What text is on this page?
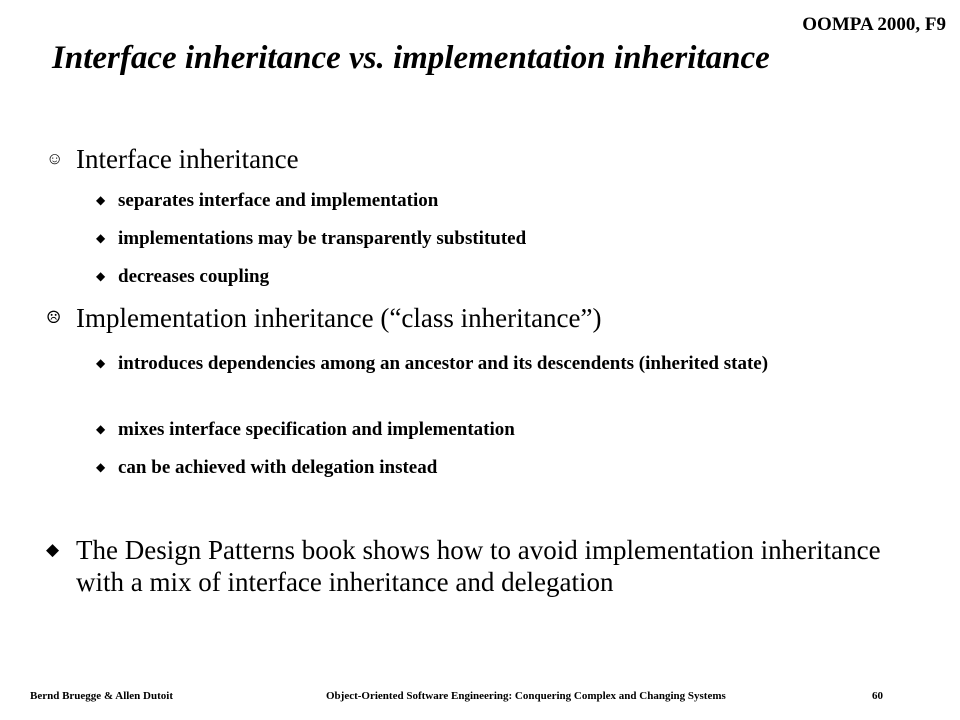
OOMPA 2000, F9
Interface inheritance vs. implementation inheritance
☺ Interface inheritance
◆ separates interface and implementation
◆ implementations may be transparently substituted
◆ decreases coupling
☹ Implementation inheritance (“class inheritance”)
◆ introduces dependencies among an ancestor and its descendents (inherited state)
◆ mixes interface specification and implementation
◆ can be achieved with delegation instead
◆ The Design Patterns book shows how to avoid implementation inheritance with a mix of interface inheritance and delegation
Bernd Bruegge & Allen Dutoit	Object-Oriented Software Engineering: Conquering Complex and Changing Systems	60
